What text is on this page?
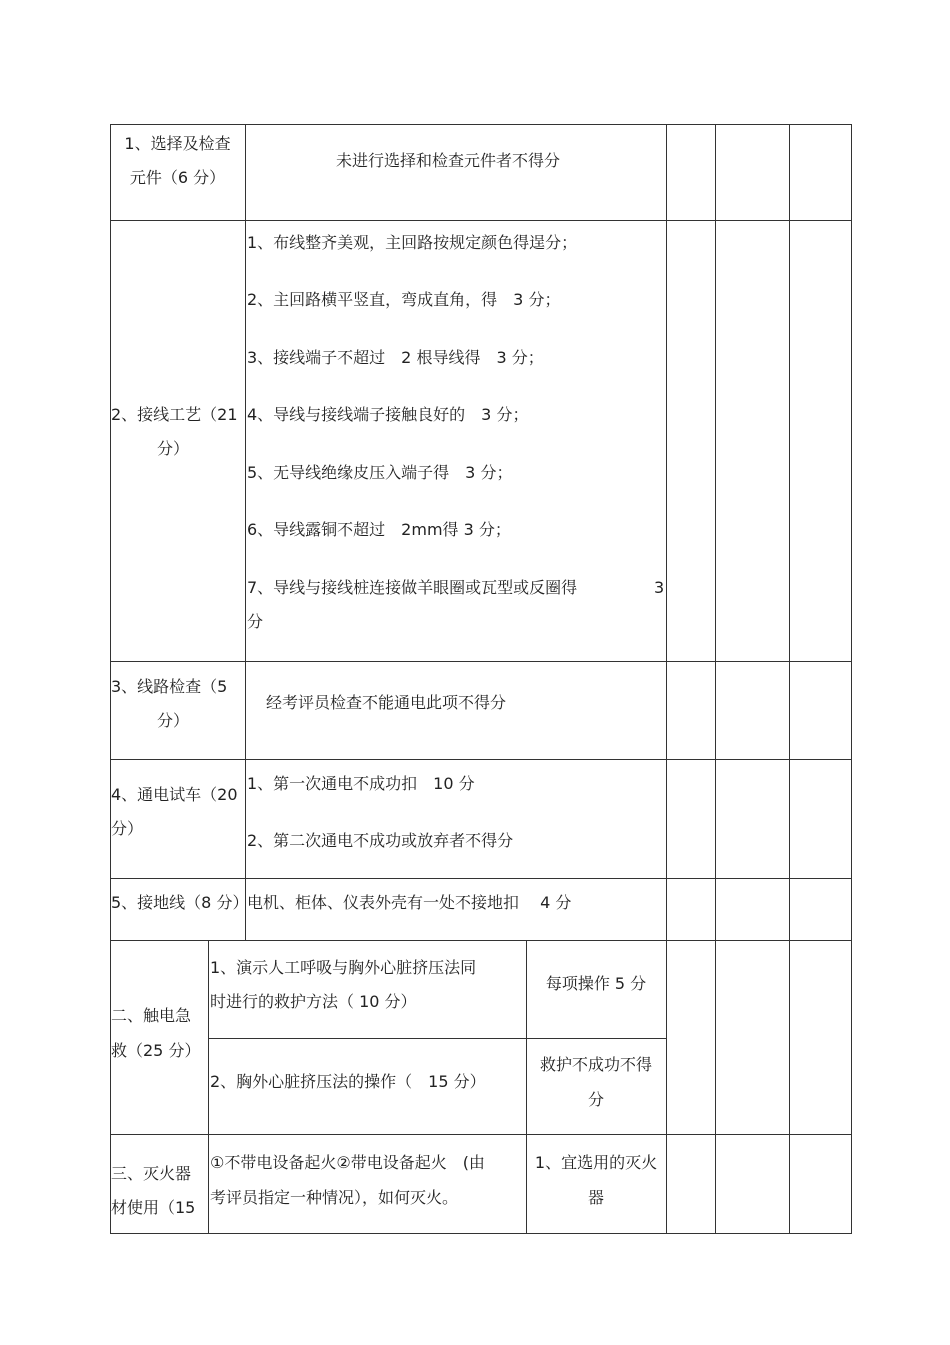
1、选择及检查
元件（6 分）
未进行选择和检查元件者不得分
2、接线工艺（21
分）
1、布线整齐美观，主回路按规定颜色得逞分；
2、主回路横平竖直，弯成直角，得　3 分；
3、接线端子不超过　2 根导线得　3 分；
4、导线与接线端子接触良好的　3 分；
5、无导线绝缘皮压入端子得　3 分；
6、导线露铜不超过　2mm得 3 分；
7、导线与接线桩连接做羊眼圈或瓦型或反圈得	3
分
3、线路检查（5
分）
经考评员检查不能通电此项不得分
4、通电试车（20
分）
1、第一次通电不成功扣　10 分
2、第二次通电不成功或放弃者不得分
5、接地线（8 分）
电机、柜体、仪表外壳有一处不接地扣　 4 分
二、触电急
救（25 分）
1、演示人工呼吸与胸外心脏挤压法同
时进行的救护方法（ 10 分）
每项操作 5 分
2、胸外心脏挤压法的操作（　15 分）
救护不成功不得
分
三、灭火器
材使用（15
①不带电设备起火②带电设备起火　(由
考评员指定一种情况），如何灭火。
1、宜选用的灭火
器
